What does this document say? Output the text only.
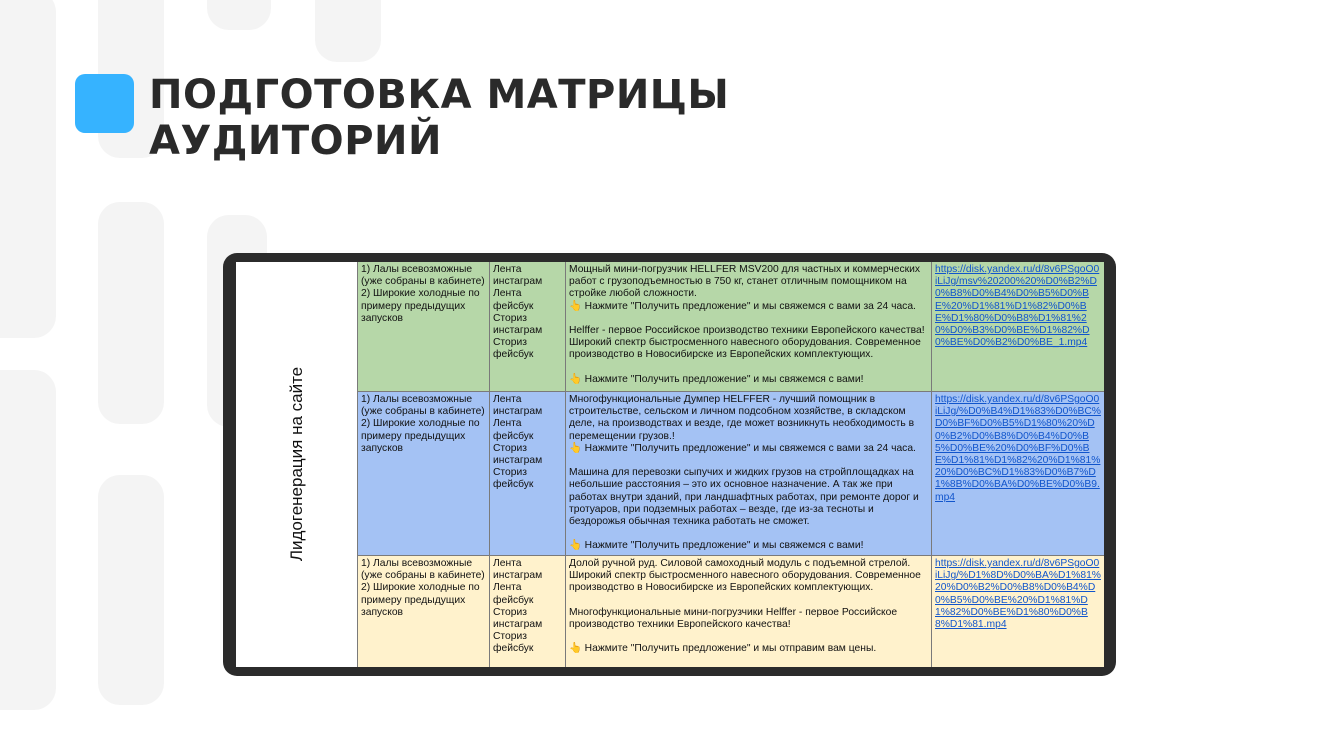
ПОДГОТОВКА МАТРИЦЫ
АУДИТОРИЙ
Лидогенерация на сайте
1) Лалы всевозможные (уже собраны в кабинете)
2) Широкие холодные по примеру предыдущих запусков
Лента инстаграм
Лента фейсбук
Сториз инстаграм
Сториз фейсбук
Мощный мини-погрузчик HELLFER MSV200 для частных и коммерческих работ с грузоподъемностью в 750 кг, станет отличным помощником на стройке любой сложности.
👆 Нажмите "Получить предложение" и мы свяжемся с вами за 24 часа.

Helffer - первое Российское производство техники Европейского качества!
Широкий спектр быстросменного навесного оборудования. Современное производство в Новосибирске из Европейских комплектующих.

👆 Нажмите "Получить предложение" и мы свяжемся с вами!
https://disk.yandex.ru/d/8v6PSgoO0iLiJg/msv%20200%20%D0%B2%D0%B8%D0%B4%D0%B5%D0%BE%20%D1%81%D1%82%D0%BE%D1%80%D0%B8%D1%81%20%D0%B3%D0%BE%D1%82%D0%BE%D0%B2%D0%BE_1.mp4
1) Лалы всевозможные (уже собраны в кабинете)
2) Широкие холодные по примеру предыдущих запусков
Лента инстаграм
Лента фейсбук
Сториз инстаграм
Сториз фейсбук
Многофункциональные Думпер HELFFER - лучший помощник в строительстве, сельском и личном подсобном хозяйстве, в складском деле, на производствах и везде, где может возникнуть необходимость в перемещении грузов.!
👆 Нажмите "Получить предложение" и мы свяжемся с вами за 24 часа.

Машина для перевозки сыпучих и жидких грузов на стройплощадках на небольшие расстояния – это их основное назначение. А так же при работах внутри зданий, при ландшафтных работах, при ремонте дорог и тротуаров, при подземных работах – везде, где из-за тесноты и бездорожья обычная техника работать не сможет.

👆 Нажмите "Получить предложение" и мы свяжемся с вами!
https://disk.yandex.ru/d/8v6PSgoO0iLiJg/%D0%B4%D1%83%D0%BC%D0%BF%D0%B5%D1%80%20%D0%B2%D0%B8%D0%B4%D0%B5%D0%BE%20%D0%BF%D0%BE%D1%81%D1%82%20%D1%81%20%D0%BC%D1%83%D0%B7%D1%8B%D0%BA%D0%BE%D0%B9.mp4
1) Лалы всевозможные (уже собраны в кабинете)
2) Широкие холодные по примеру предыдущих запусков
Лента инстаграм
Лента фейсбук
Сториз инстаграм
Сториз фейсбук
Долой ручной руд. Силовой самоходный модуль с подъемной стрелой. Широкий спектр быстросменного навесного оборудования. Современное производство в Новосибирске из Европейских комплектующих.

Многофункциональные мини-погрузчики Helffer - первое Российское производство техники Европейского качества!

👆 Нажмите "Получить предложение" и мы отправим вам цены.
https://disk.yandex.ru/d/8v6PSgoO0iLiJg/%D1%8D%D0%BA%D1%81%20%D0%B2%D0%B8%D0%B4%D0%B5%D0%BE%20%D1%81%D1%82%D0%BE%D1%80%D0%B8%D1%81.mp4
